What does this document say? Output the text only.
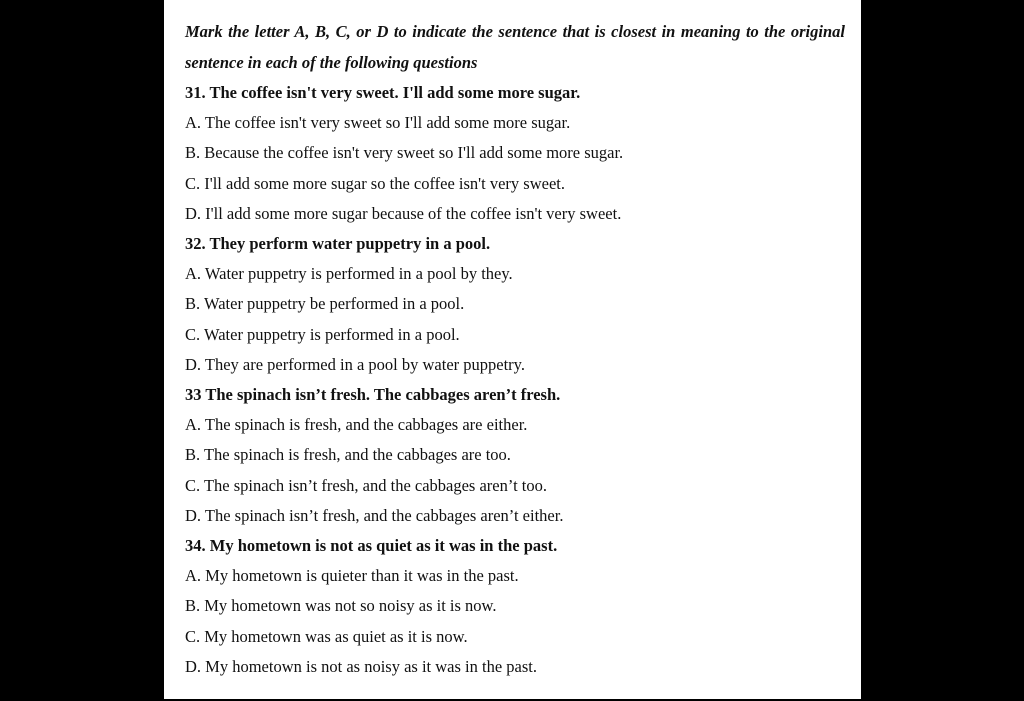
Mark the letter A, B, C, or D to indicate the sentence that is closest in meaning to the original sentence in each of the following questions

31. The coffee isn't very sweet. I'll add some more sugar.

A. The coffee isn't very sweet so I'll add some more sugar.

B. Because the coffee isn't very sweet so I'll add some more sugar.

C. I'll add some more sugar so the coffee isn't very sweet.

D. I'll add some more sugar because of the coffee isn't very sweet.

32. They perform water puppetry in a pool.

A. Water puppetry is performed in a pool by they.

B. Water puppetry be performed in a pool.

C. Water puppetry is performed in a pool.

D. They are performed in a pool by water puppetry.

33 The spinach isn’t fresh. The cabbages aren’t fresh.

A. The spinach is fresh, and the cabbages are either.

B. The spinach is fresh, and the cabbages are too.

C. The spinach isn’t fresh, and the cabbages aren’t too.

D. The spinach isn’t fresh, and the cabbages aren’t either.

34. My hometown is not as quiet as it was in the past.

A. My hometown is quieter than it was in the past.

B. My hometown was not so noisy as it is now.

C. My hometown was as quiet as it is now.

D. My hometown is not as noisy as it was in the past.
